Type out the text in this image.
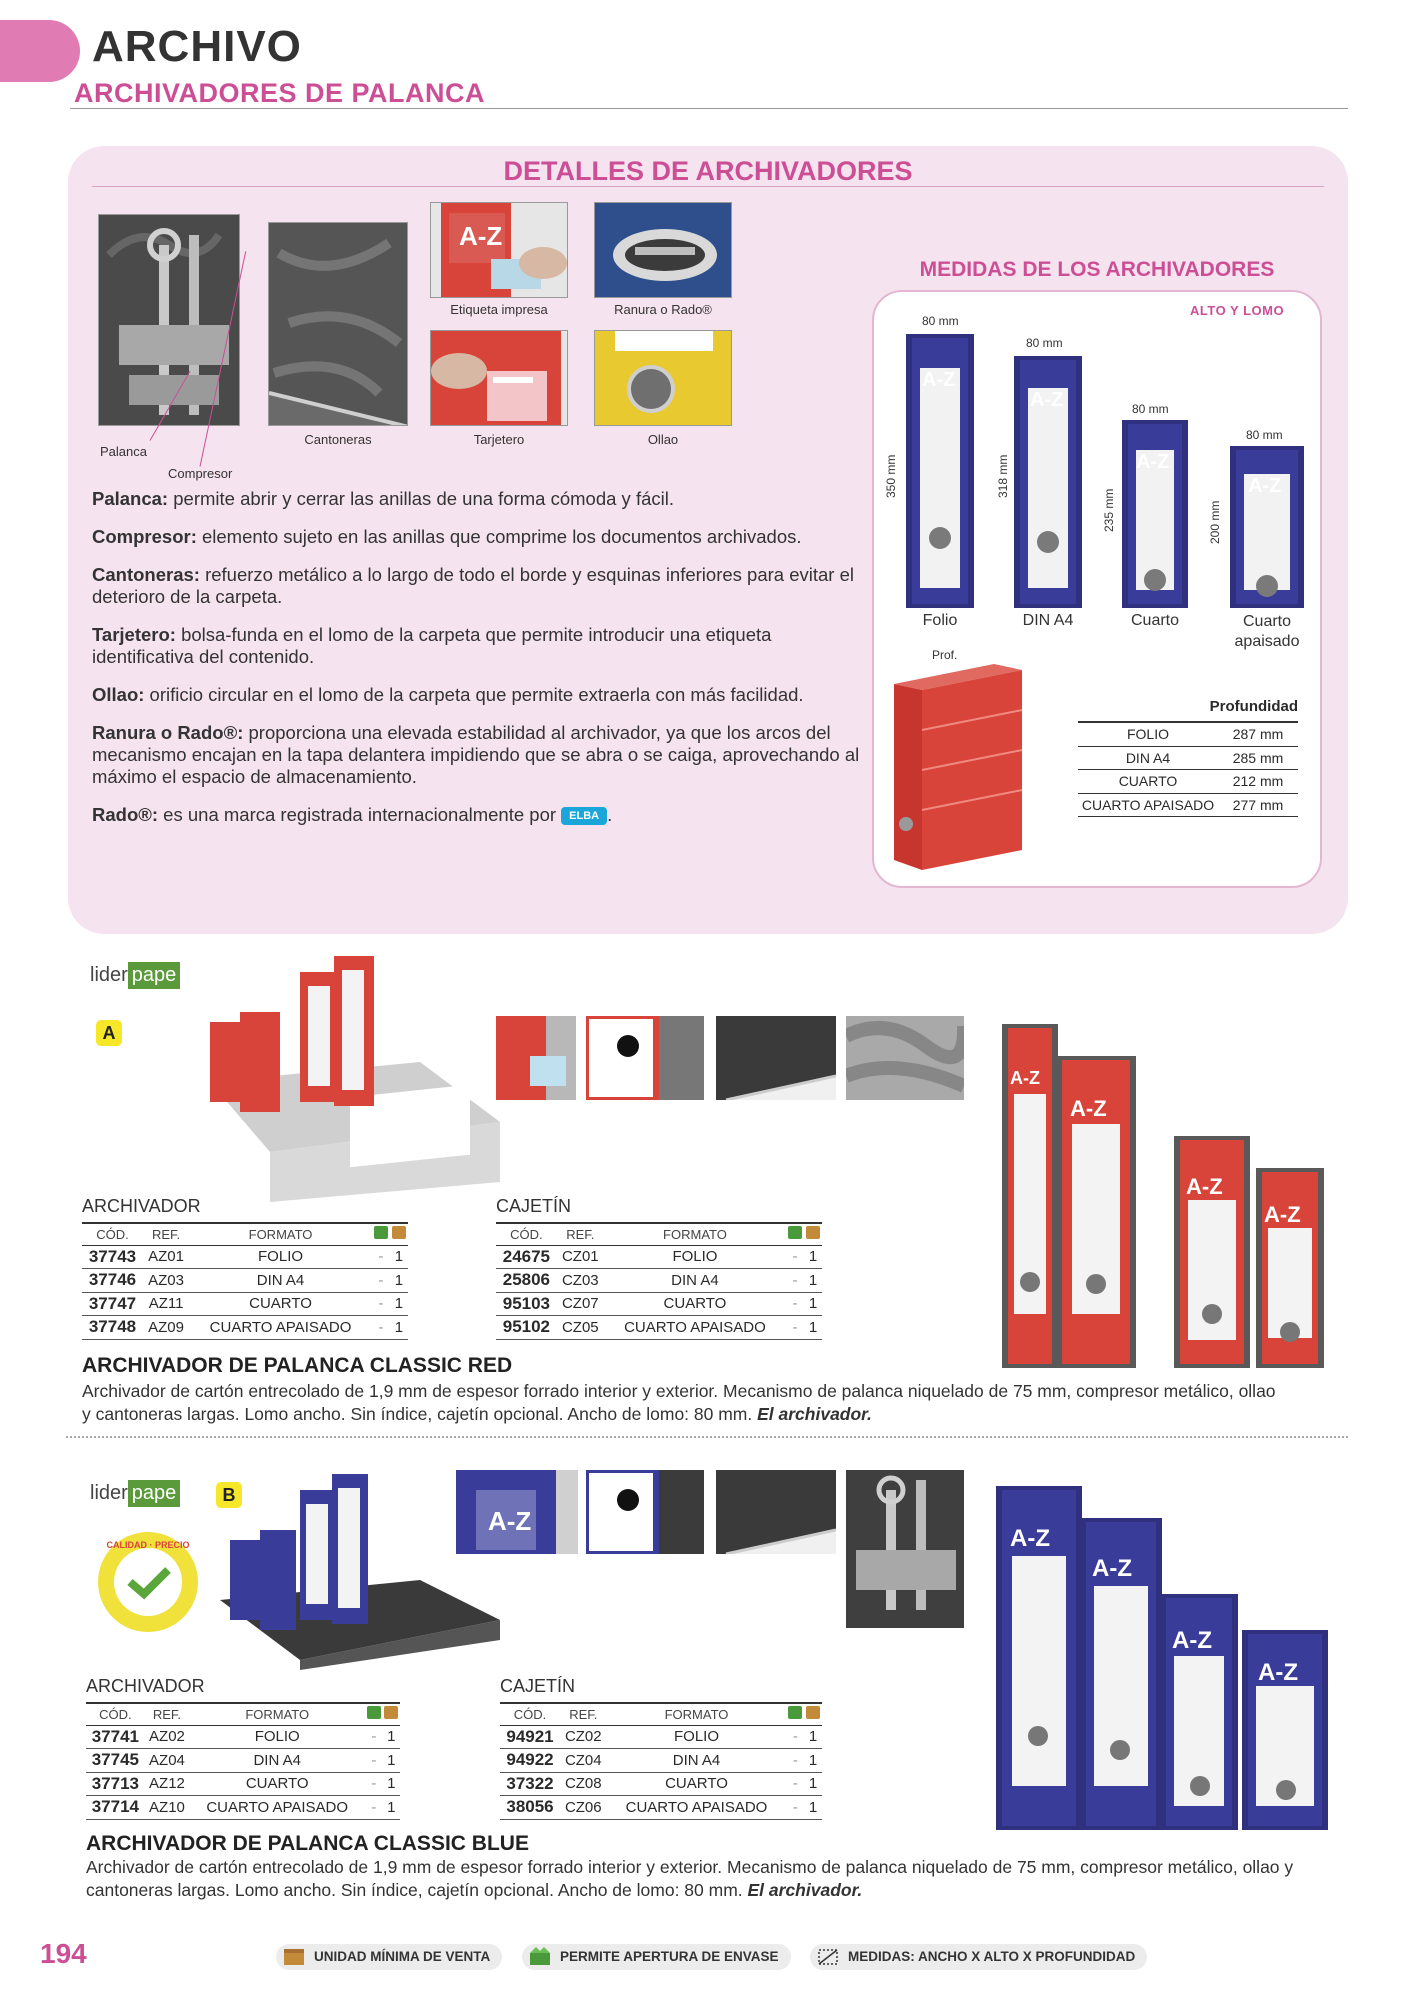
ARCHIVO
ARCHIVADORES DE PALANCA
DETALLES DE ARCHIVADORES
Palanca
Compresor
Cantoneras
A-Z
Etiqueta impresa	Ranura o Rado®
Tarjetero	Ollao

Palanca: permite abrir y cerrar las anillas de una forma cómoda y fácil.

Compresor: elemento sujeto en las anillas que comprime los documentos archivados.

Cantoneras: refuerzo metálico a lo largo de todo el borde y esquinas inferiores para evitar el deterioro de la carpeta.

Tarjetero: bolsa-funda en el lomo de la carpeta que permite introducir una etiqueta identificativa del contenido.

Ollao: orificio circular en el lomo de la carpeta que permite extraerla con más facilidad.

Ranura o Rado®: proporciona una elevada estabilidad al archivador, ya que los arcos del mecanismo encajan en la tapa delantera impidiendo que se abra o se caiga, aprovechando al máximo el espacio de almacenamiento.

Rado®: es una marca registrada internacionalmente por ELBA .

MEDIDAS DE LOS ARCHIVADORES
ALTO Y LOMO
80 mm
350 mm
A-Z
Folio
80 mm
318 mm
A-Z
DIN A4
80 mm
235 mm
A-Z
Cuarto
80 mm
200 mm
A-Z
Cuarto
apaisado
Prof.
Profundidad
FOLIO	287 mm
DIN A4	285 mm
CUARTO	212 mm
CUARTO APAISADO	277 mm
lider pape
A
A-Z
A-Z
A-Z
A-Z
ARCHIVADOR
CÓD.	REF.	FORMATO		
37743	AZ01	FOLIO	-	1
37746	AZ03	DIN A4	-	1
37747	AZ11	CUARTO	-	1
37748	AZ09	CUARTO APAISADO	-	1
CAJETÍN
CÓD.	REF.	FORMATO		
24675	CZ01	FOLIO	-	1
25806	CZ03	DIN A4	-	1
95103	CZ07	CUARTO	-	1
95102	CZ05	CUARTO APAISADO	-	1
ARCHIVADOR DE PALANCA CLASSIC RED
Archivador de cartón entrecolado de 1,9 mm de espesor forrado interior y exterior. Mecanismo de palanca niquelado de 75 mm, compresor metálico, ollao y cantoneras largas. Lomo ancho. Sin índice, cajetín opcional. Ancho de lomo: 80 mm. El archivador.
lider pape	B
CALIDAD · PRECIO
A-Z
A-Z
A-Z
A-Z
A-Z
ARCHIVADOR
CÓD.	REF.	FORMATO		
37741	AZ02	FOLIO	-	1
37745	AZ04	DIN A4	-	1
37713	AZ12	CUARTO	-	1
37714	AZ10	CUARTO APAISADO	-	1
CAJETÍN
CÓD.	REF.	FORMATO		
94921	CZ02	FOLIO	-	1
94922	CZ04	DIN A4	-	1
37322	CZ08	CUARTO	-	1
38056	CZ06	CUARTO APAISADO	-	1
ARCHIVADOR DE PALANCA CLASSIC BLUE
Archivador de cartón entrecolado de 1,9 mm de espesor forrado interior y exterior. Mecanismo de palanca niquelado de 75 mm, compresor metálico, ollao y cantoneras largas. Lomo ancho. Sin índice, cajetín opcional. Ancho de lomo: 80 mm. El archivador.
194	UNIDAD MÍNIMA DE VENTA	PERMITE APERTURA DE ENVASE	MEDIDAS: ANCHO X ALTO X PROFUNDIDAD
